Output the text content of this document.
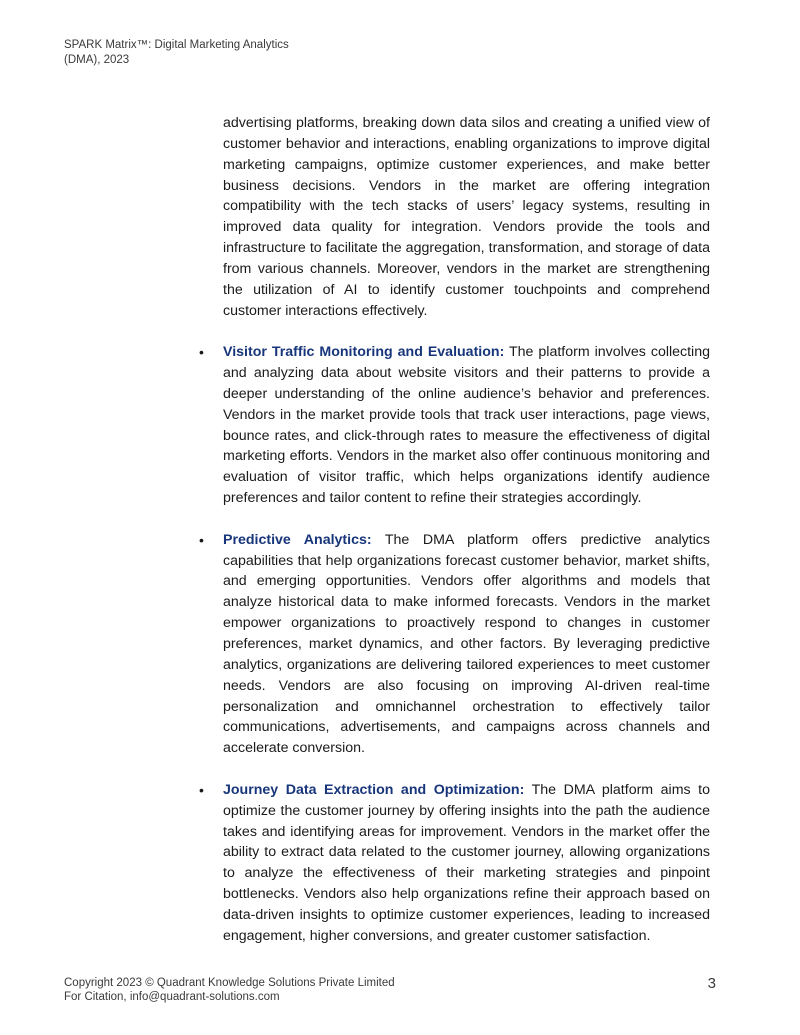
SPARK Matrix™: Digital Marketing Analytics
(DMA), 2023

advertising platforms, breaking down data silos and creating a unified view of customer behavior and interactions, enabling organizations to improve digital marketing campaigns, optimize customer experiences, and make better business decisions. Vendors in the market are offering integration compatibility with the tech stacks of users’ legacy systems, resulting in improved data quality for integration. Vendors provide the tools and infrastructure to facilitate the aggregation, transformation, and storage of data from various channels. Moreover, vendors in the market are strengthening the utilization of AI to identify customer touchpoints and comprehend customer interactions effectively.

• Visitor Traffic Monitoring and Evaluation: The platform involves collecting and analyzing data about website visitors and their patterns to provide a deeper understanding of the online audience’s behavior and preferences. Vendors in the market provide tools that track user interactions, page views, bounce rates, and click-through rates to measure the effectiveness of digital marketing efforts. Vendors in the market also offer continuous monitoring and evaluation of visitor traffic, which helps organizations identify audience preferences and tailor content to refine their strategies accordingly.

• Predictive Analytics: The DMA platform offers predictive analytics capabilities that help organizations forecast customer behavior, market shifts, and emerging opportunities. Vendors offer algorithms and models that analyze historical data to make informed forecasts. Vendors in the market empower organizations to proactively respond to changes in customer preferences, market dynamics, and other factors. By leveraging predictive analytics, organizations are delivering tailored experiences to meet customer needs. Vendors are also focusing on improving AI-driven real-time personalization and omnichannel orchestration to effectively tailor communications, advertisements, and campaigns across channels and accelerate conversion.

• Journey Data Extraction and Optimization: The DMA platform aims to optimize the customer journey by offering insights into the path the audience takes and identifying areas for improvement. Vendors in the market offer the ability to extract data related to the customer journey, allowing organizations to analyze the effectiveness of their marketing strategies and pinpoint bottlenecks. Vendors also help organizations refine their approach based on data-driven insights to optimize customer experiences, leading to increased engagement, higher conversions, and greater customer satisfaction.

Copyright 2023 © Quadrant Knowledge Solutions Private Limited
For Citation, info@quadrant-solutions.com
3
